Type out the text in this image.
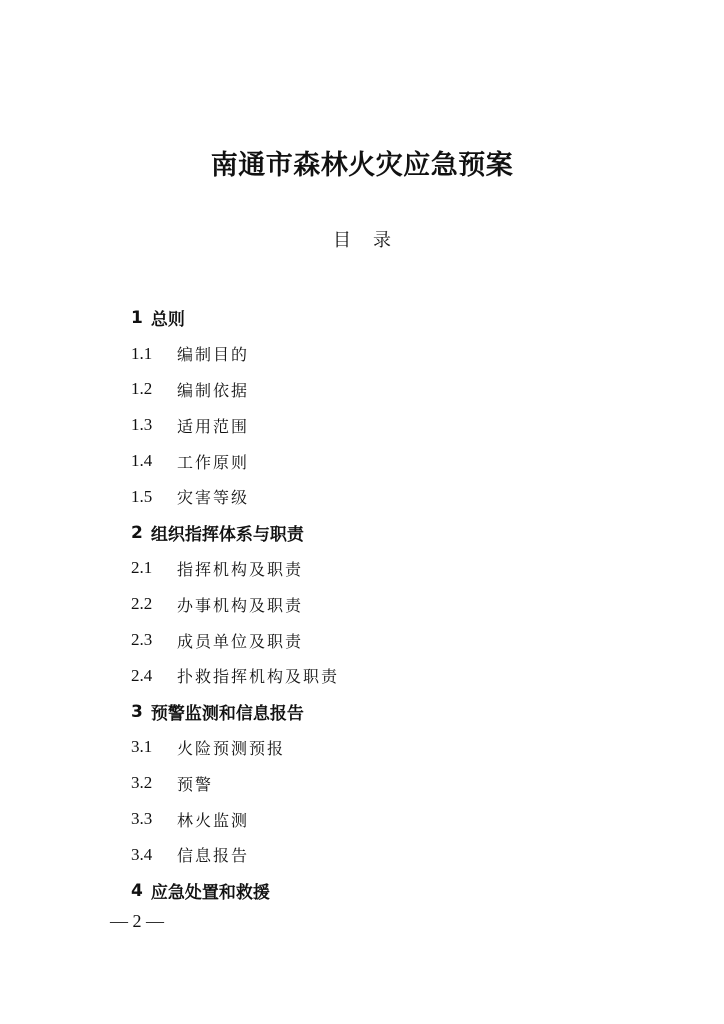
南通市森林火灾应急预案
目 录
1 总则
1.1	编制目的
1.2	编制依据
1.3	适用范围
1.4	工作原则
1.5	灾害等级
2 组织指挥体系与职责
2.1	指挥机构及职责
2.2	办事机构及职责
2.3	成员单位及职责
2.4	扑救指挥机构及职责
3 预警监测和信息报告
3.1	火险预测预报
3.2	预警
3.3	林火监测
3.4	信息报告
4 应急处置和救援
— 2 —
